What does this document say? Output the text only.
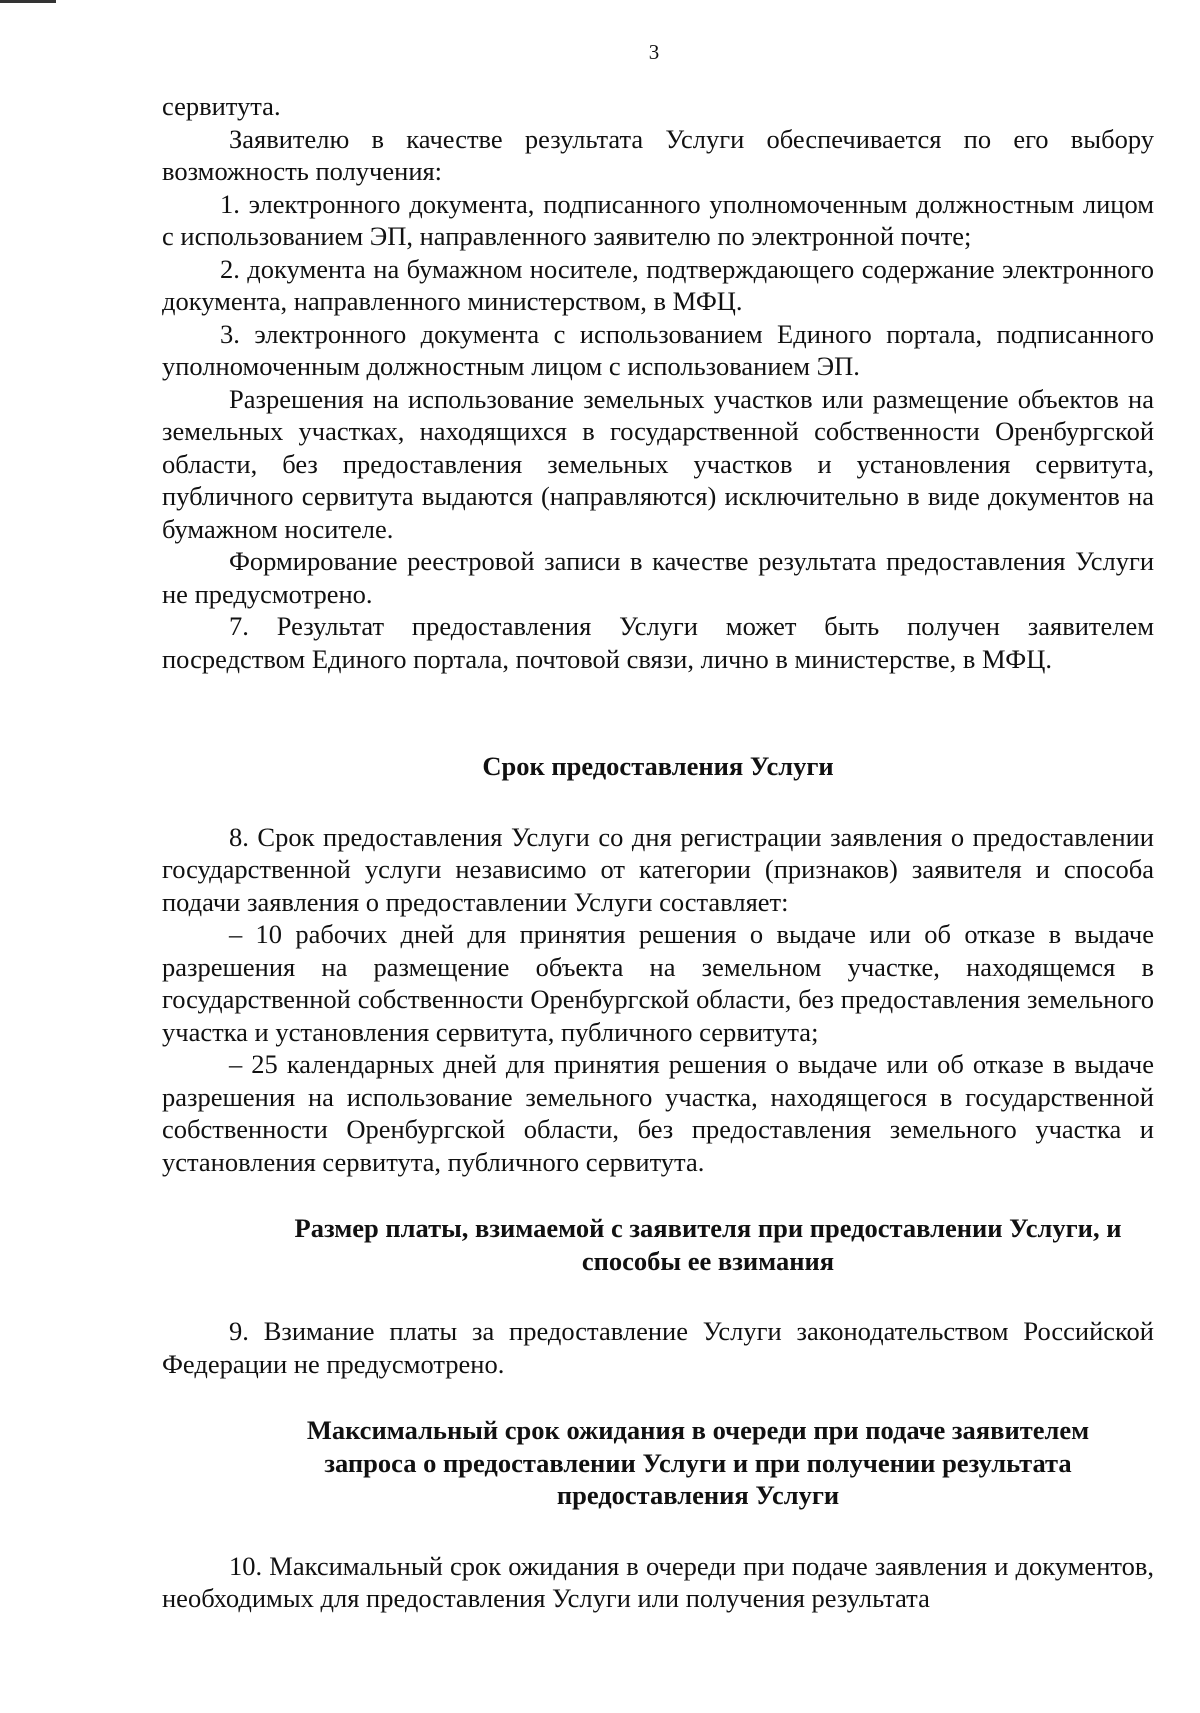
3

сервитута.

Заявителю в качестве результата Услуги обеспечивается по его выбору возможность получения:

1. электронного документа, подписанного уполномоченным должностным лицом с использованием ЭП, направленного заявителю по электронной почте;

2. документа на бумажном носителе, подтверждающего содержание электронного документа, направленного министерством, в МФЦ.

3. электронного документа с использованием Единого портала, подписанного уполномоченным должностным лицом с использованием ЭП.

Разрешения на использование земельных участков или размещение объектов на земельных участках, находящихся в государственной собственности Оренбургской области, без предоставления земельных участков и установления сервитута, публичного сервитута выдаются (направляются) исключительно в виде документов на бумажном носителе.

Формирование реестровой записи в качестве результата предоставления Услуги не предусмотрено.

7. Результат предоставления Услуги может быть получен заявителем посредством Единого портала, почтовой связи, лично в министерстве, в МФЦ.

Срок предоставления Услуги

8. Срок предоставления Услуги со дня регистрации заявления о предоставлении государственной услуги независимо от категории (признаков) заявителя и способа подачи заявления о предоставлении Услуги составляет:

– 10 рабочих дней для принятия решения о выдаче или об отказе в выдаче разрешения на размещение объекта на земельном участке, находящемся в государственной собственности Оренбургской области, без предоставления земельного участка и установления сервитута, публичного сервитута;

– 25 календарных дней для принятия решения о выдаче или об отказе в выдаче разрешения на использование земельного участка, находящегося в государственной собственности Оренбургской области, без предоставления земельного участка и установления сервитута, публичного сервитута.

Размер платы, взимаемой с заявителя при предоставлении Услуги, и
способы ее взимания

9. Взимание платы за предоставление Услуги законодательством Российской Федерации не предусмотрено.

Максимальный срок ожидания в очереди при подаче заявителем
запроса о предоставлении Услуги и при получении результата
предоставления Услуги

10. Максимальный срок ожидания в очереди при подаче заявления и документов, необходимых для предоставления Услуги или получения результата
